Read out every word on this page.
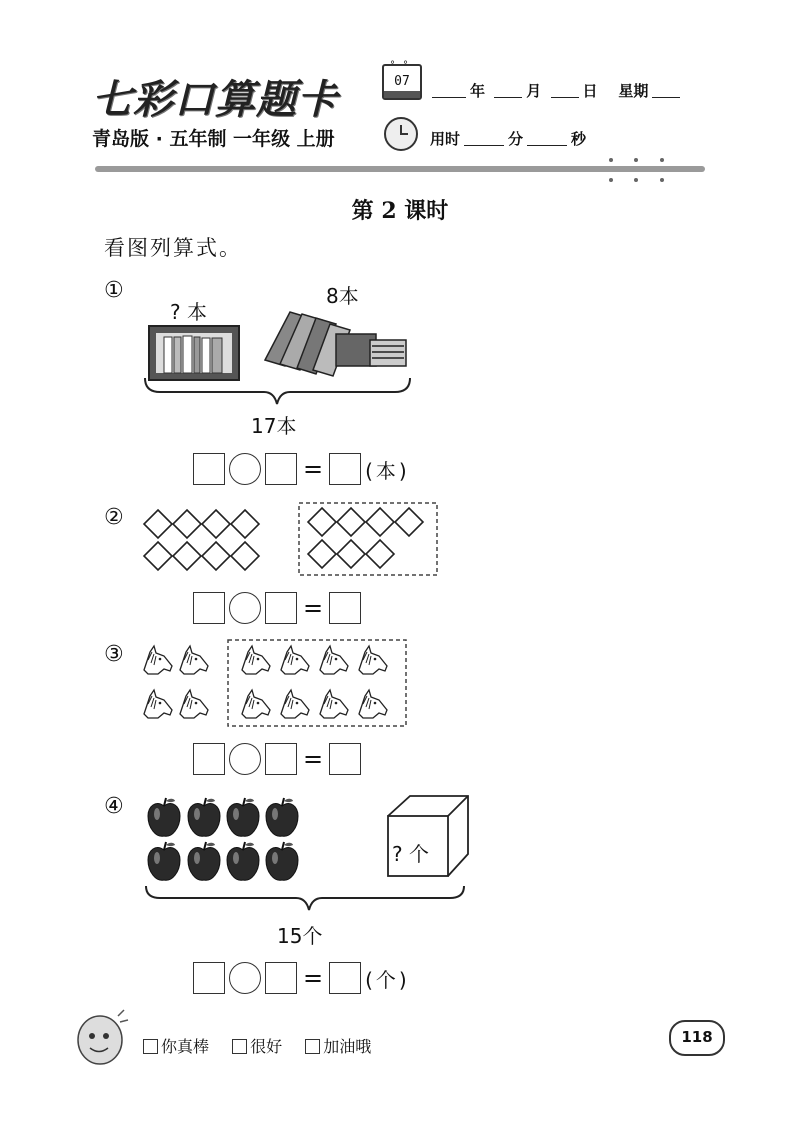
七彩口算题卡
°°
07
年	月	日 星期
青岛版 · 五年制 一年级 上册	用时	分	秒
第 2 课时
看图列算式。
①
? 本
8本
17本
= (本)
②
=
③
=
④
? 个
15个
= (个)
你真棒	很好	加油哦	118
